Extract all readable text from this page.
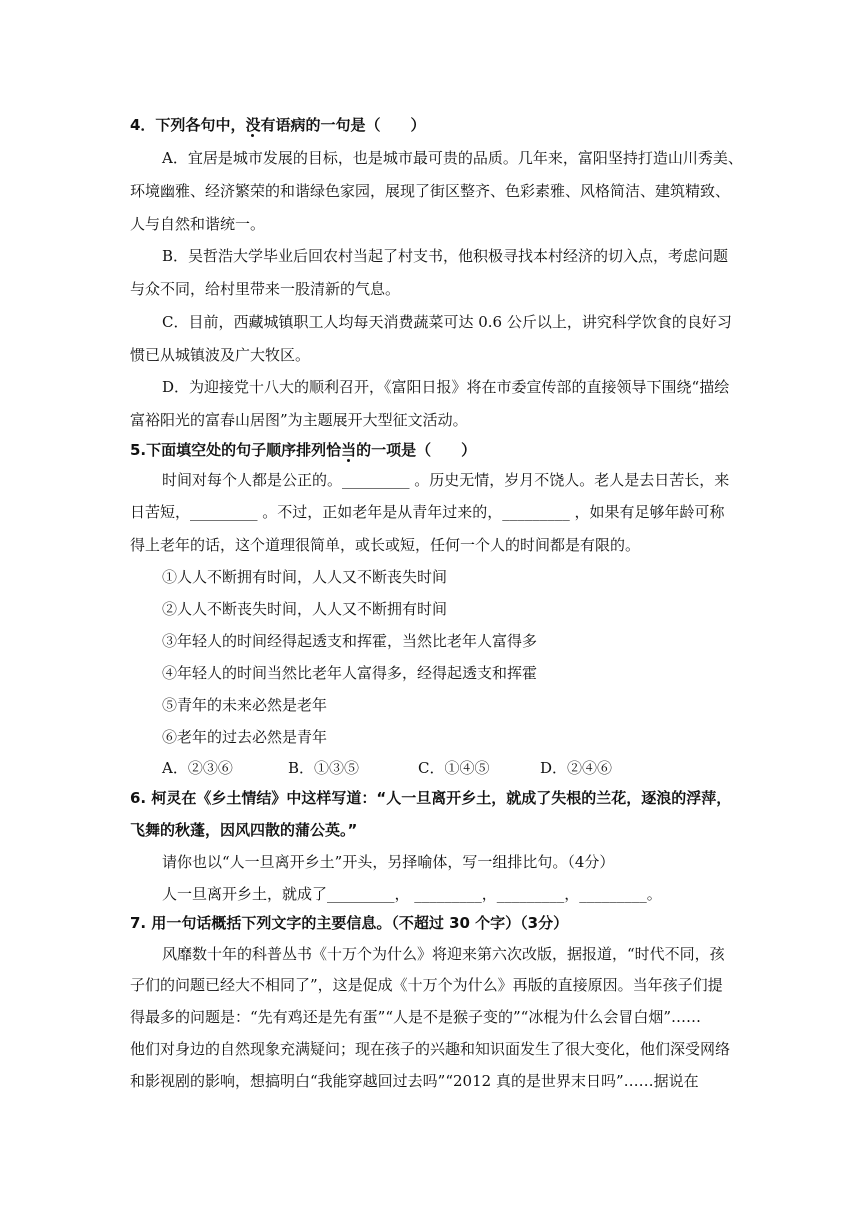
4．下列各句中，没有语病的一句是（　　）
A．宜居是城市发展的目标，也是城市最可贵的品质。几年来，富阳坚持打造山川秀美、
环境幽雅、经济繁荣的和谐绿色家园，展现了街区整齐、色彩素雅、风格简洁、建筑精致、
人与自然和谐统一。
B．吴哲浩大学毕业后回农村当起了村支书，他积极寻找本村经济的切入点，考虑问题
与众不同，给村里带来一股清新的气息。
C．目前，西藏城镇职工人均每天消费蔬菜可达 0.6 公斤以上，讲究科学饮食的良好习
惯已从城镇波及广大牧区。
D．为迎接党十八大的顺利召开，《富阳日报》将在市委宣传部的直接领导下围绕“描绘
富裕阳光的富春山居图”为主题展开大型征文活动。
5.下面填空处的句子顺序排列恰当的一项是（　　）
时间对每个人都是公正的。_________ 。历史无情，岁月不饶人。老人是去日苦长，来
日苦短，_________ 。不过，正如老年是从青年过来的，_________ ，如果有足够年龄可称
得上老年的话，这个道理很简单，或长或短，任何一个人的时间都是有限的。
①人人不断拥有时间，人人又不断丧失时间
②人人不断丧失时间，人人又不断拥有时间
③年轻人的时间经得起透支和挥霍，当然比老年人富得多
④年轻人的时间当然比老年人富得多，经得起透支和挥霍
⑤青年的未来必然是老年
⑥老年的过去必然是青年
A．②③⑥	B．①③⑤	C．①④⑤	D．②④⑥
6. 柯灵在《乡土情结》中这样写道：“人一旦离开乡土，就成了失根的兰花，逐浪的浮萍，
飞舞的秋蓬，因风四散的蒲公英。”
请你也以“人一旦离开乡土”开头，另择喻体，写一组排比句。（4分）
人一旦离开乡土，就成了_________， _________，_________，_________。
7. 用一句话概括下列文字的主要信息。（不超过 30 个字）（3分）
风靡数十年的科普丛书《十万个为什么》将迎来第六次改版，据报道，“时代不同，孩
子们的问题已经大不相同了”，这是促成《十万个为什么》再版的直接原因。当年孩子们提
得最多的问题是：“先有鸡还是先有蛋”“人是不是猴子变的”“冰棍为什么会冒白烟”……
他们对身边的自然现象充满疑问；现在孩子的兴趣和知识面发生了很大变化，他们深受网络
和影视剧的影响，想搞明白“我能穿越回过去吗”“2012 真的是世界末日吗”……据说在
